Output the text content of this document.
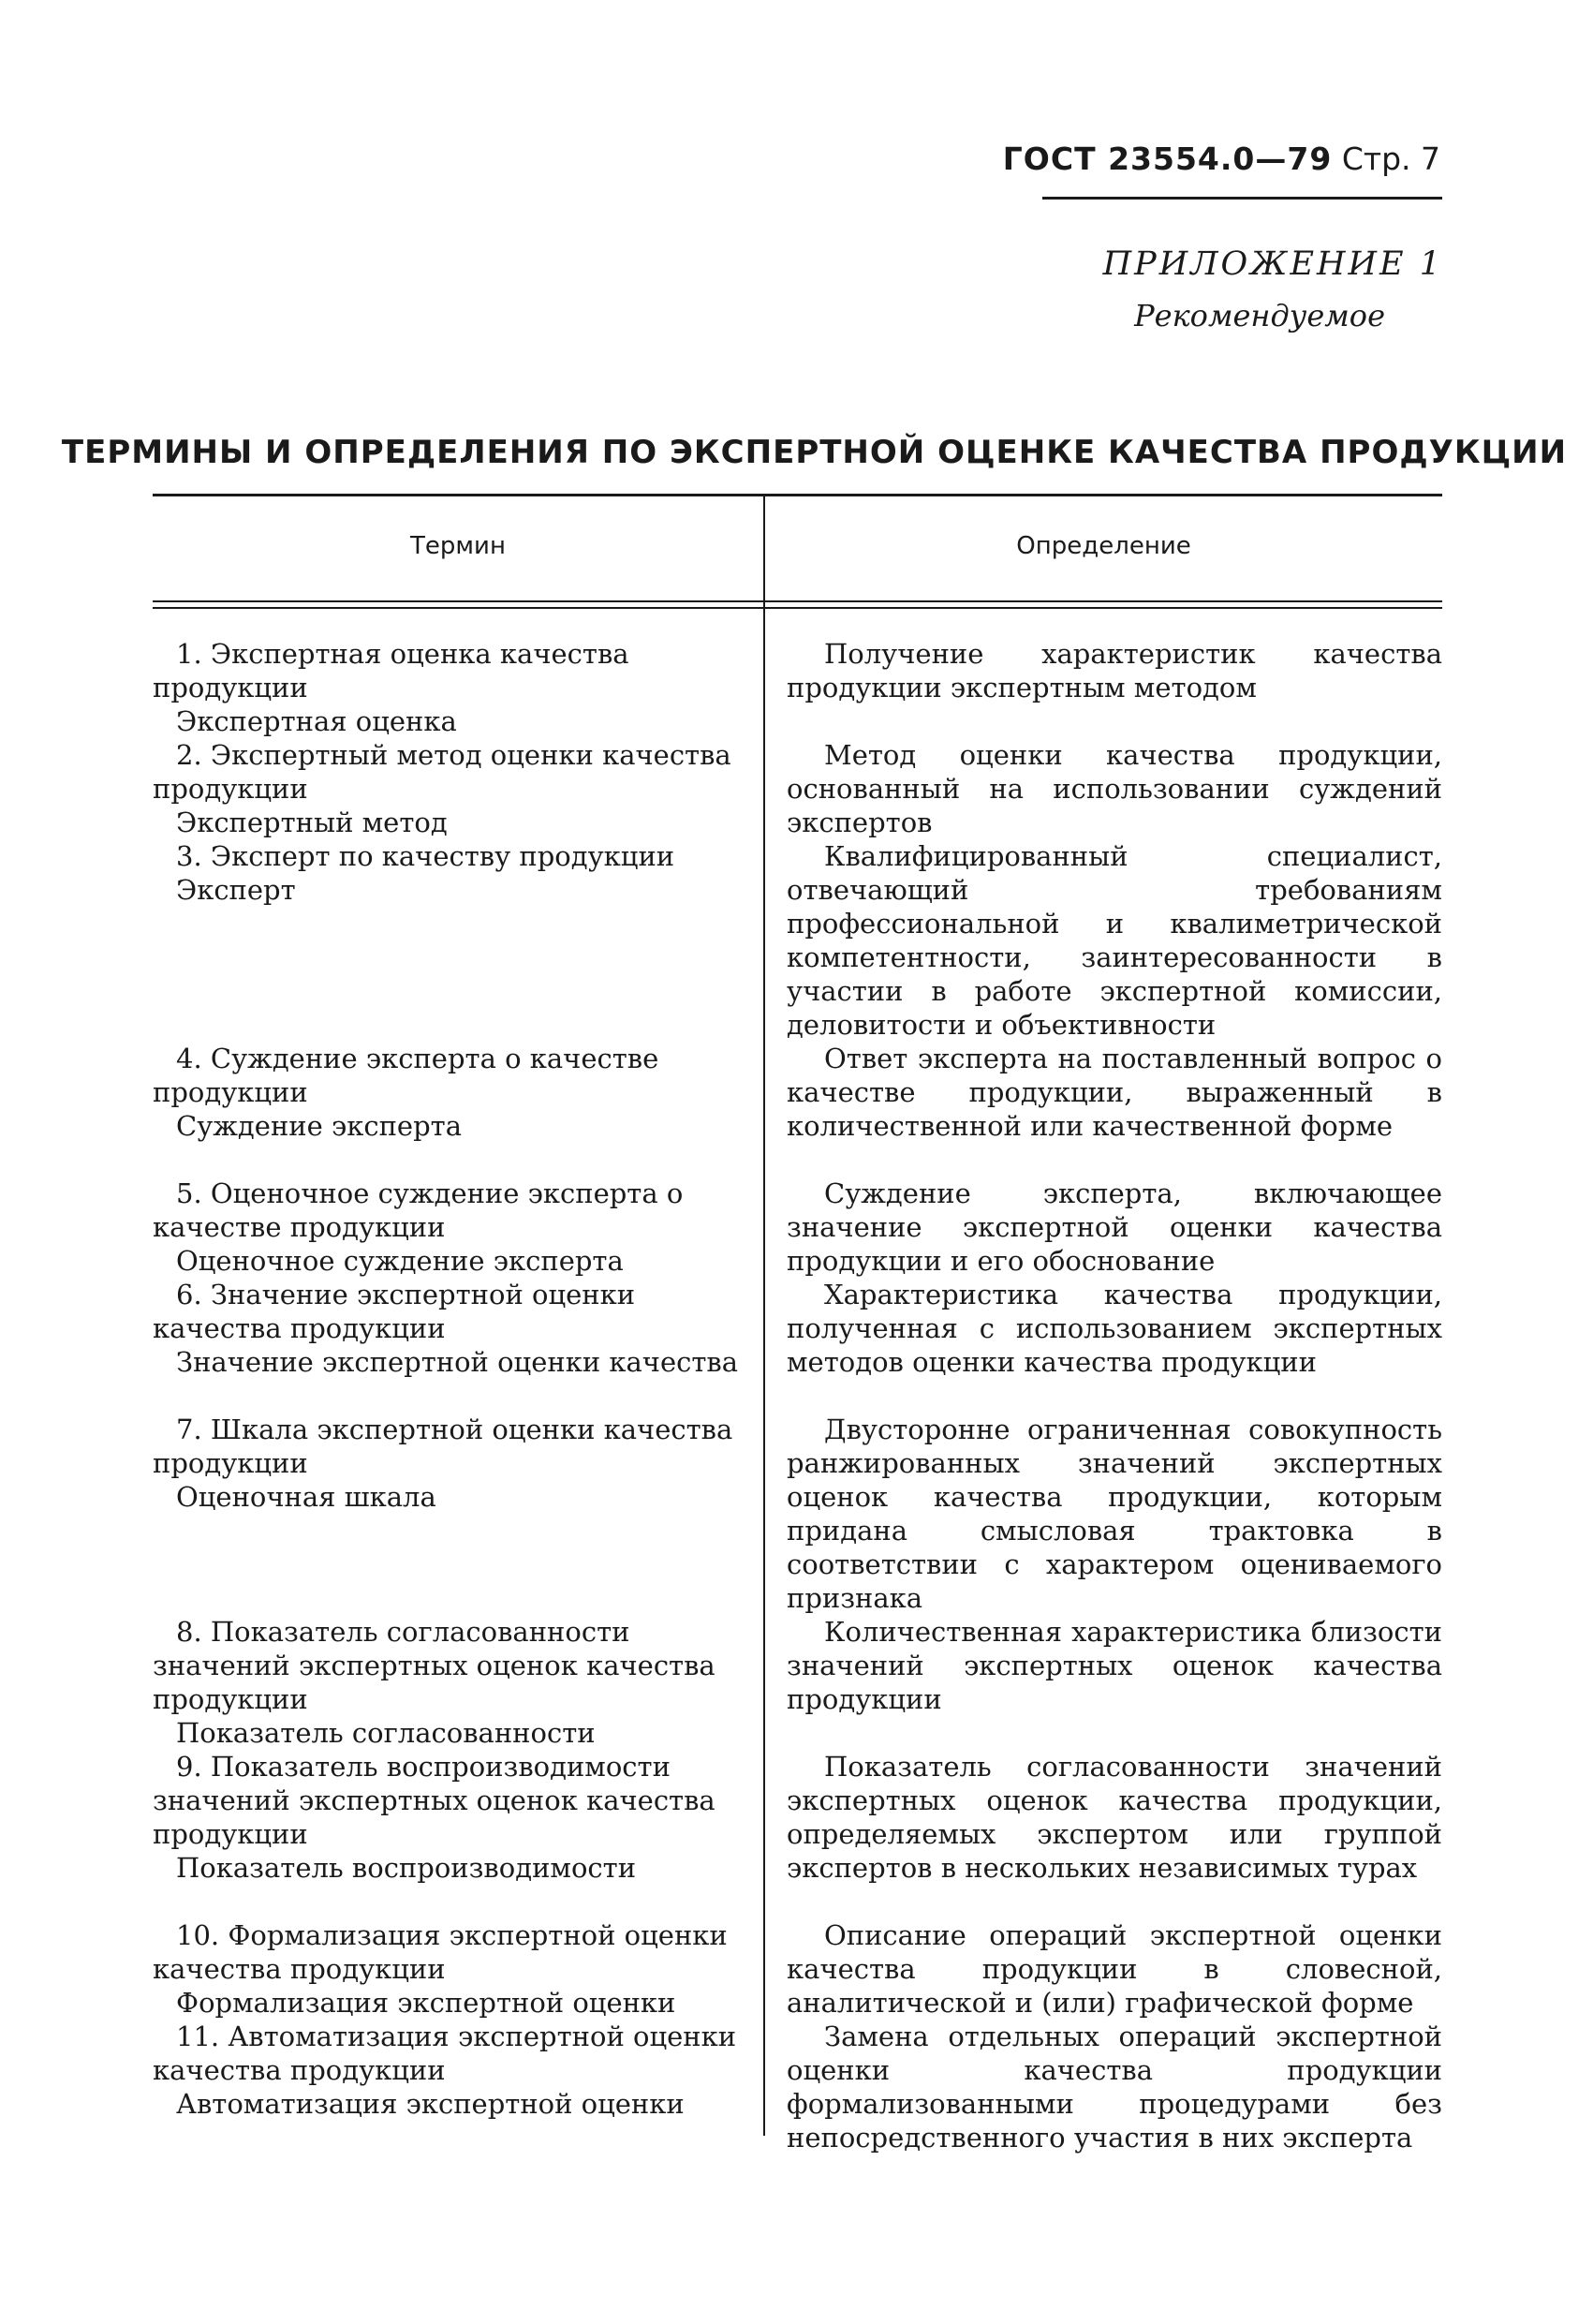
ГОСТ 23554.0—79 Стр. 7
ПРИЛОЖЕНИЕ 1
Рекомендуемое
ТЕРМИНЫ И ОПРЕДЕЛЕНИЯ ПО ЭКСПЕРТНОЙ ОЦЕНКЕ КАЧЕСТВА ПРОДУКЦИИ
Термин	Определение
1. Экспертная оценка качества продукции
Экспертная оценка
Получение характеристик качества продукции экспертным методом
2. Экспертный метод оценки качества продукции
Экспертный метод
Метод оценки качества продукции, основанный на использовании суждений экспертов
3. Эксперт по качеству продукции
Эксперт
Квалифицированный специалист, отвечающий требованиям профессиональной и квалиметрической компетентности, заинтересованности в участии в работе экспертной комиссии, деловитости и объективности
4. Суждение эксперта о качестве продукции
Суждение эксперта
Ответ эксперта на поставленный вопрос о качестве продукции, выраженный в количественной или качественной форме
5. Оценочное суждение эксперта о качестве продукции
Оценочное суждение эксперта
Суждение эксперта, включающее значение экспертной оценки качества продукции и его обоснование
6. Значение экспертной оценки качества продукции
Значение экспертной оценки качества
Характеристика качества продукции, полученная с использованием экспертных методов оценки качества продукции
7. Шкала экспертной оценки качества продукции
Оценочная шкала
Двусторонне ограниченная совокупность ранжированных значений экспертных оценок качества продукции, которым придана смысловая трактовка в соответствии с характером оцениваемого признака
8. Показатель согласованности значений экспертных оценок качества продукции
Показатель согласованности
Количественная характеристика близости значений экспертных оценок качества продукции
9. Показатель воспроизводимости значений экспертных оценок качества продукции
Показатель воспроизводимости
Показатель согласованности значений экспертных оценок качества продукции, определяемых экспертом или группой экспертов в нескольких независимых турах
10. Формализация экспертной оценки качества продукции
Формализация экспертной оценки
Описание операций экспертной оценки качества продукции в словесной, аналитической и (или) графической форме
11. Автоматизация экспертной оценки качества продукции
Автоматизация экспертной оценки
Замена отдельных операций экспертной оценки качества продукции формализованными процедурами без непосредственного участия в них эксперта
